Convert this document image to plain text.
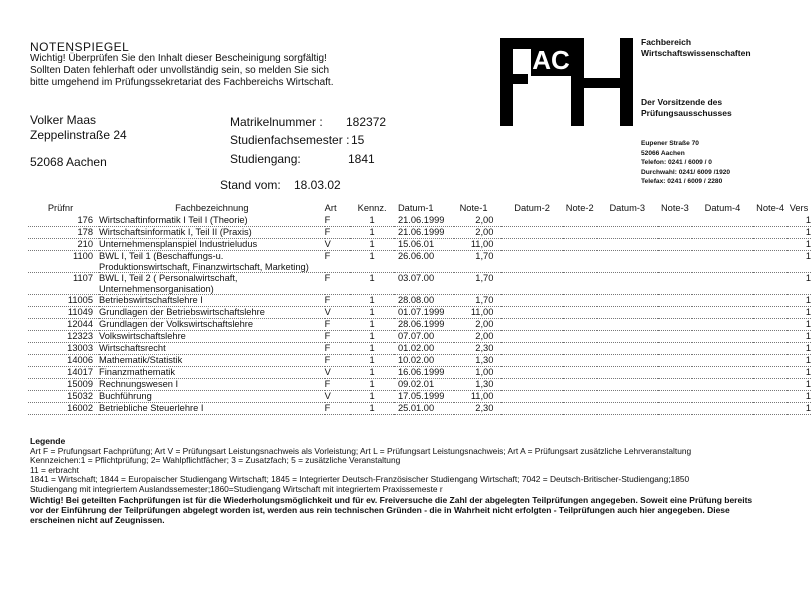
NOTENSPIEGEL
Wichtig! Überprüfen Sie den Inhalt dieser Bescheinigung sorgfältig!
Sollten Daten fehlerhaft oder unvollständig sein, so melden Sie sich
bitte umgehend im Prüfungssekretariat des Fachbereichs Wirtschaft.
Volker Maas
Zeppelinstraße 24
52068 Aachen
Matrikelnummer : 182372
Studienfachsemester : 15
Studiengang:	1841
Stand vom: 18.03.02
AC
Fachbereich
Wirtschaftswissenschaften
Der Vorsitzende des
Prüfungsausschusses
Eupener Straße 70
52066 Aachen
Telefon: 0241 / 6009 / 0
Durchwahl: 0241/ 6009 /1920
Telefax: 0241 / 6009 / 2280
Prüfnr	Fachbezeichnung	Art	Kennz.	Datum-1	Note-1	Datum-2	Note-2	Datum-3	Note-3	Datum-4	Note-4	Vers
176	Wirtschaftinformatik I Teil I (Theorie)	F	1	21.06.1999	2,00							1
178	Wirtschaftsinformatik I, Teil II (Praxis)	F	1	21.06.1999	2,00							1
210	Unternehmensplanspiel Industrieludus	V	1	15.06.01	11,00							1
1100	BWL I, Teil 1 (Beschaffungs-u.
Produktionswirtschaft, Finanzwirtschaft, Marketing)	F	1	26.06.00	1,70							1
1107	BWL I, Teil 2 ( Personalwirtschaft,
Unternehmensorganisation)	F	1	03.07.00	1,70							1
11005	Betriebswirtschaftslehre I	F	1	28.08.00	1,70							1
11049	Grundlagen der Betriebswirtschaftslehre	V	1	01.07.1999	11,00							1
12044	Grundlagen der Volkswirtschaftslehre	F	1	28.06.1999	2,00							1
12323	Volkswirtschaftslehre	F	1	07.07.00	2,00							1
13003	Wirtschaftsrecht	F	1	01.02.00	2,30							1
14006	Mathematik/Statistik	F	1	10.02.00	1,30							1
14017	Finanzmathematik	V	1	16.06.1999	1,00							1
15009	Rechnungswesen I	F	1	09.02.01	1,30							1
15032	Buchführung	V	1	17.05.1999	11,00							1
16002	Betriebliche Steuerlehre I	F	1	25.01.00	2,30							1
Legende
Art F = Prufungsart Fachprüfung; Art V = Prüfungsart Leistungsnachweis als Vorleistung; Art L = Prüfungsart Leistungsnachweis; Art A = Prüfungsart zusätzliche Lehrveranstaltung
Kennzeichen:1 = Pflichtprüfung; 2= Wahlpflichtfächer; 3 = Zusatzfach; 5 = zusätzliche Veranstaltung
11 = erbracht
1841 = Wirtschaft; 1844 = Europaischer Studiengang Wirtschaft; 1845 = Integrierter Deutsch-Französischer Studiengang Wirtschaft; 7042 = Deutsch-Britischer-Studiengang;1850
Studiengang mit integriertem Auslandssemester;1860=Studiengang Wirtschaft mit integriertem Praxissemeste r
Wichtig! Bei geteilten Fachprüfungen ist für die Wiederholungsmöglichkeit und für ev. Freiversuche die Zahl der abgelegten Teilprüfungen angegeben. Soweit eine Prüfung bereits
vor der Einführung der Teilprüfungen abgelegt worden ist, werden aus rein technischen Gründen - die in Wahrheit nicht erfolgten - Teilprüfungen auch hier angegeben. Diese
erscheinen nicht auf Zeugnissen.
